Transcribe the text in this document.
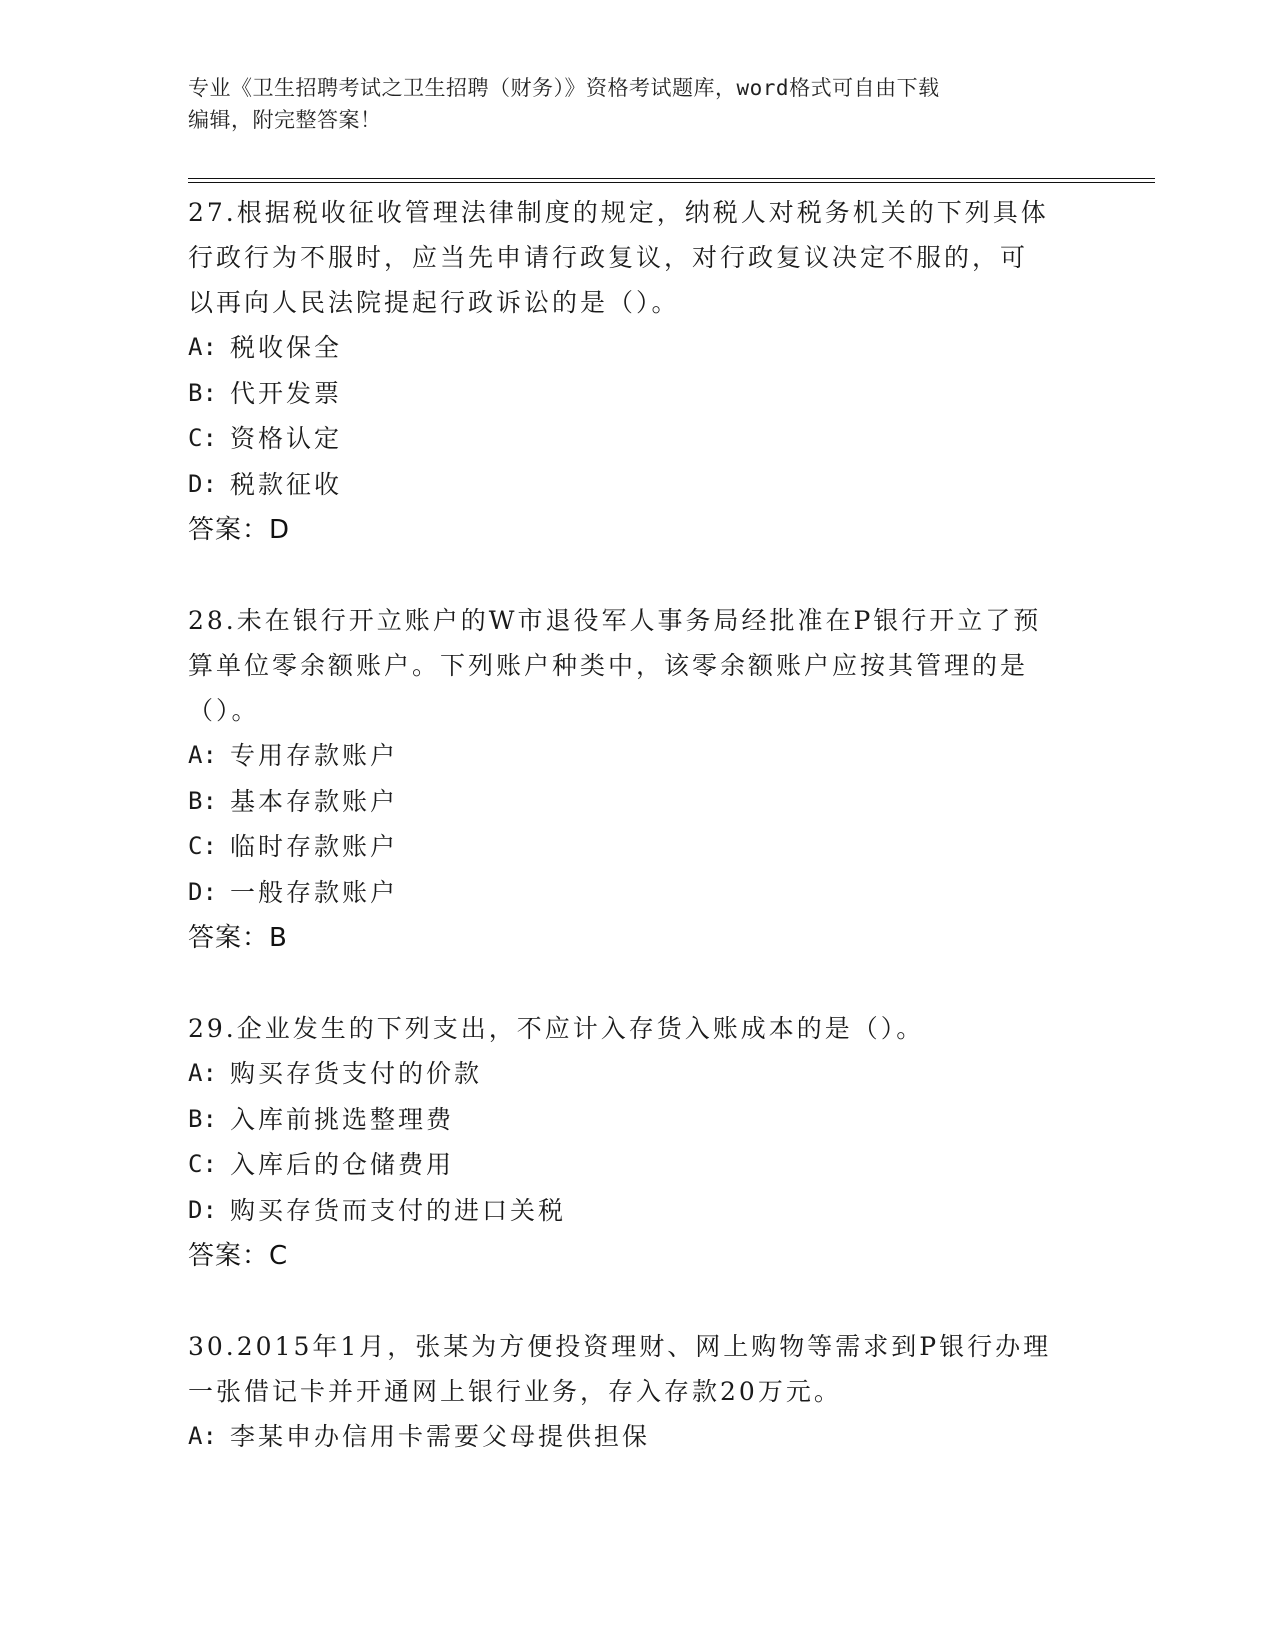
专业《卫生招聘考试之卫生招聘（财务）》资格考试题库，word格式可自由下载
编辑，附完整答案！
27.根据税收征收管理法律制度的规定，纳税人对税务机关的下列具体
行政行为不服时，应当先申请行政复议，对行政复议决定不服的，可
以再向人民法院提起行政诉讼的是（）。
A: 税收保全
B: 代开发票
C: 资格认定
D: 税款征收
答案：D
28.未在银行开立账户的W市退役军人事务局经批准在P银行开立了预
算单位零余额账户。下列账户种类中，该零余额账户应按其管理的是
（）。
A: 专用存款账户
B: 基本存款账户
C: 临时存款账户
D: 一般存款账户
答案：B
29.企业发生的下列支出，不应计入存货入账成本的是（）。
A: 购买存货支付的价款
B: 入库前挑选整理费
C: 入库后的仓储费用
D: 购买存货而支付的进口关税
答案：C
30.2015年1月，张某为方便投资理财、网上购物等需求到P银行办理
一张借记卡并开通网上银行业务，存入存款20万元。
A: 李某申办信用卡需要父母提供担保
